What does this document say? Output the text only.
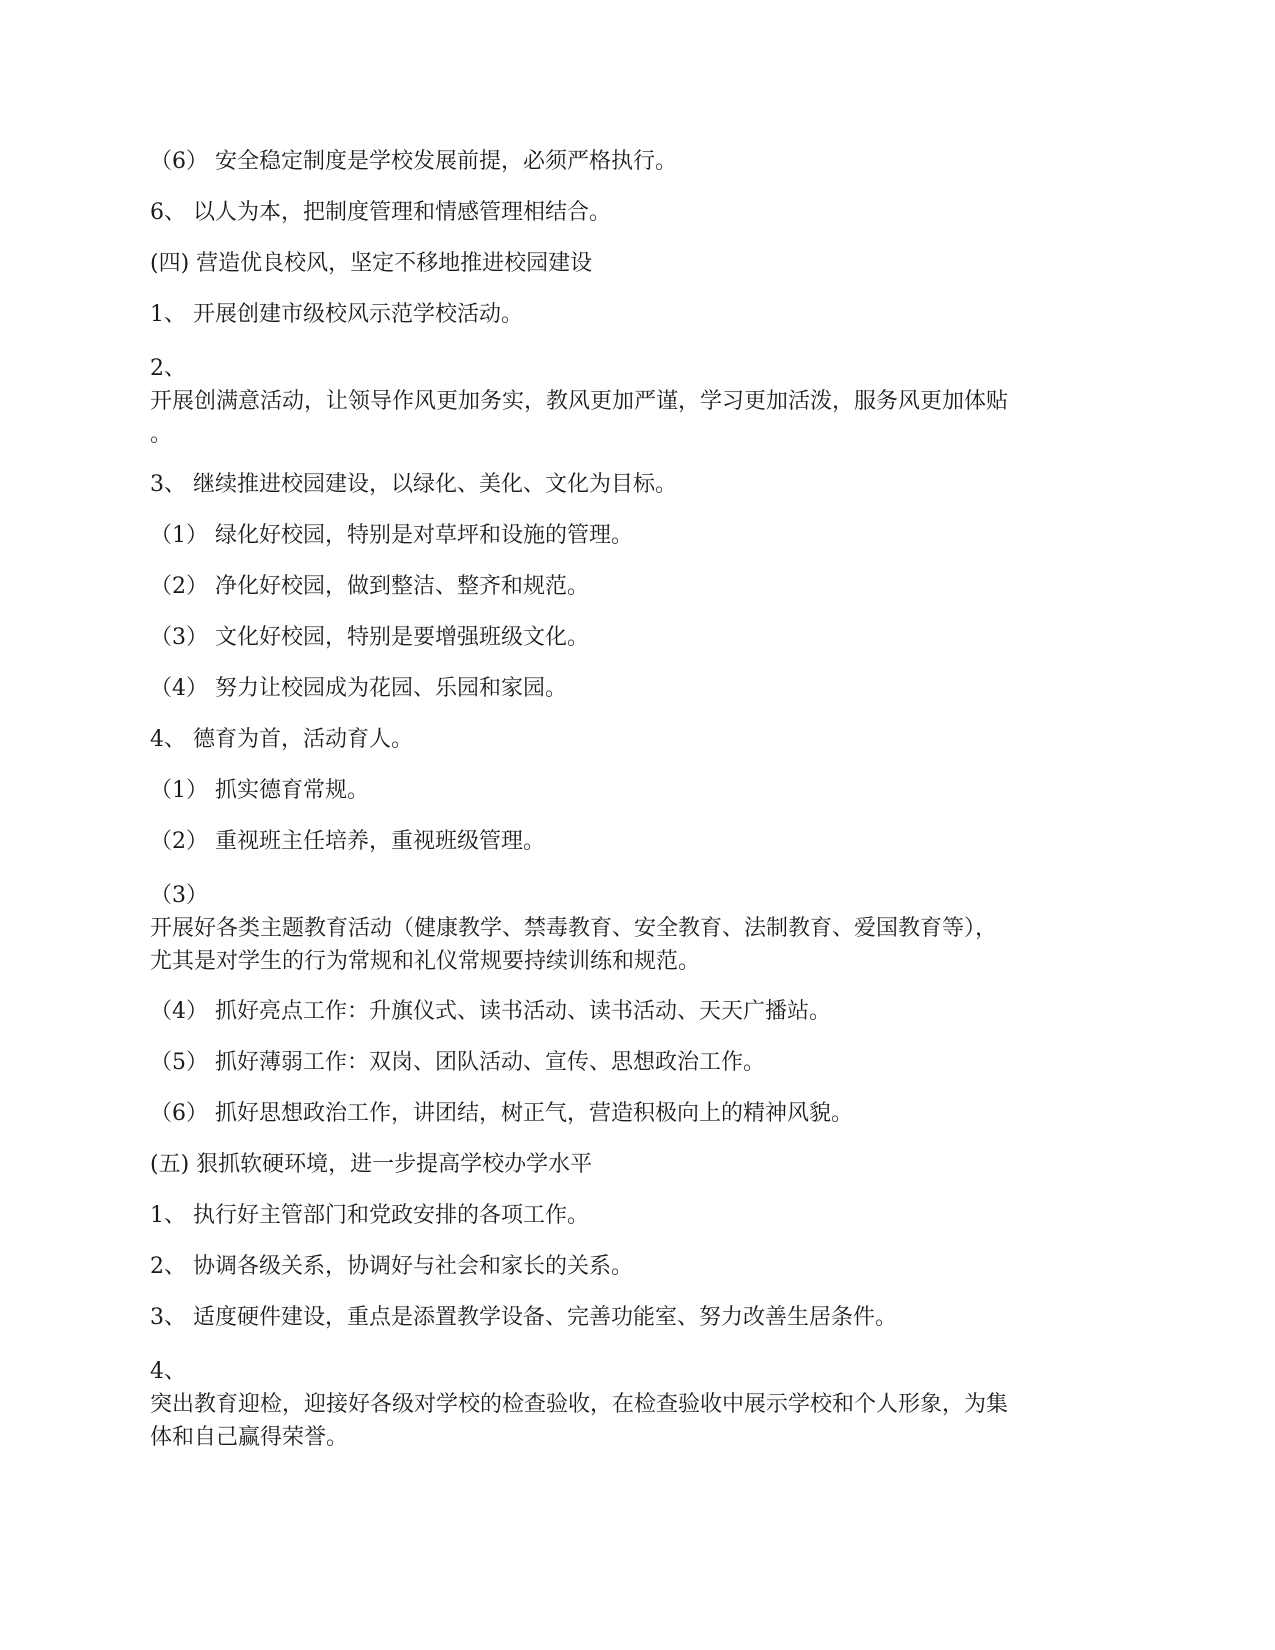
（6） 安全稳定制度是学校发展前提，必须严格执行。

6、 以人为本，把制度管理和情感管理相结合。

(四) 营造优良校风，坚定不移地推进校园建设

1、 开展创建市级校风示范学校活动。

2、
开展创满意活动，让领导作风更加务实，教风更加严谨，学习更加活泼，服务风更加体贴
。

3、 继续推进校园建设，以绿化、美化、文化为目标。

（1） 绿化好校园，特别是对草坪和设施的管理。

（2） 净化好校园，做到整洁、整齐和规范。

（3） 文化好校园，特别是要增强班级文化。

（4） 努力让校园成为花园、乐园和家园。

4、 德育为首，活动育人。

（1） 抓实德育常规。

（2） 重视班主任培养，重视班级管理。

（3）
开展好各类主题教育活动（健康教学、禁毒教育、安全教育、法制教育、爱国教育等），
尤其是对学生的行为常规和礼仪常规要持续训练和规范。

（4） 抓好亮点工作：升旗仪式、读书活动、读书活动、天天广播站。

（5） 抓好薄弱工作：双岗、团队活动、宣传、思想政治工作。

（6） 抓好思想政治工作，讲团结，树正气，营造积极向上的精神风貌。

(五) 狠抓软硬环境，进一步提高学校办学水平

1、 执行好主管部门和党政安排的各项工作。

2、 协调各级关系，协调好与社会和家长的关系。

3、 适度硬件建设，重点是添置教学设备、完善功能室、努力改善生居条件。

4、
突出教育迎检，迎接好各级对学校的检查验收，在检查验收中展示学校和个人形象，为集
体和自己赢得荣誉。
